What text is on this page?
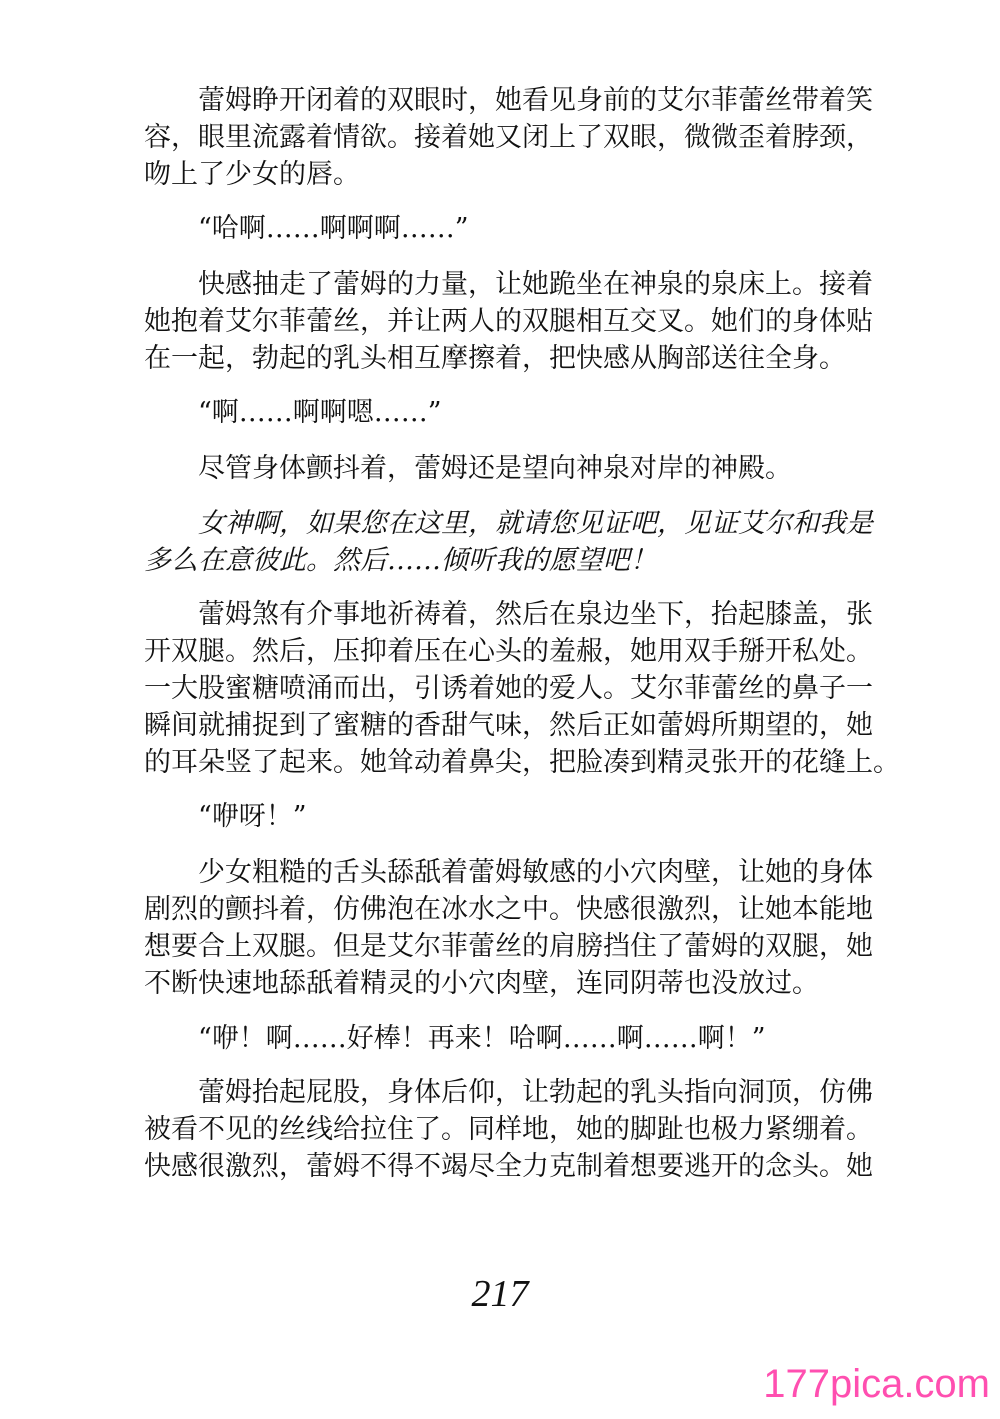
　　蕾姆睁开闭着的双眼时，她看见身前的艾尔菲蕾丝带着笑
容，眼里流露着情欲。接着她又闭上了双眼，微微歪着脖颈，
吻上了少女的唇。
　　“哈啊……啊啊啊……”
　　快感抽走了蕾姆的力量，让她跪坐在神泉的泉床上。接着
她抱着艾尔菲蕾丝，并让两人的双腿相互交叉。她们的身体贴
在一起，勃起的乳头相互摩擦着，把快感从胸部送往全身。
　　“啊……啊啊嗯……”
　　尽管身体颤抖着，蕾姆还是望向神泉对岸的神殿。
　　女神啊，如果您在这里，就请您见证吧，见证艾尔和我是
多么在意彼此。然后……倾听我的愿望吧！
　　蕾姆煞有介事地祈祷着，然后在泉边坐下，抬起膝盖，张
开双腿。然后，压抑着压在心头的羞赧，她用双手掰开私处。
一大股蜜糖喷涌而出，引诱着她的爱人。艾尔菲蕾丝的鼻子一
瞬间就捕捉到了蜜糖的香甜气味，然后正如蕾姆所期望的，她
的耳朵竖了起来。她耸动着鼻尖，把脸凑到精灵张开的花缝上。
　　“咿呀！”
　　少女粗糙的舌头舔舐着蕾姆敏感的小穴肉壁，让她的身体
剧烈的颤抖着，仿佛泡在冰水之中。快感很激烈，让她本能地
想要合上双腿。但是艾尔菲蕾丝的肩膀挡住了蕾姆的双腿，她
不断快速地舔舐着精灵的小穴肉壁，连同阴蒂也没放过。
　　“咿！啊……好棒！再来！哈啊……啊……啊！”
　　蕾姆抬起屁股，身体后仰，让勃起的乳头指向洞顶，仿佛
被看不见的丝线给拉住了。同样地，她的脚趾也极力紧绷着。
快感很激烈，蕾姆不得不竭尽全力克制着想要逃开的念头。她
217
177pica.com
